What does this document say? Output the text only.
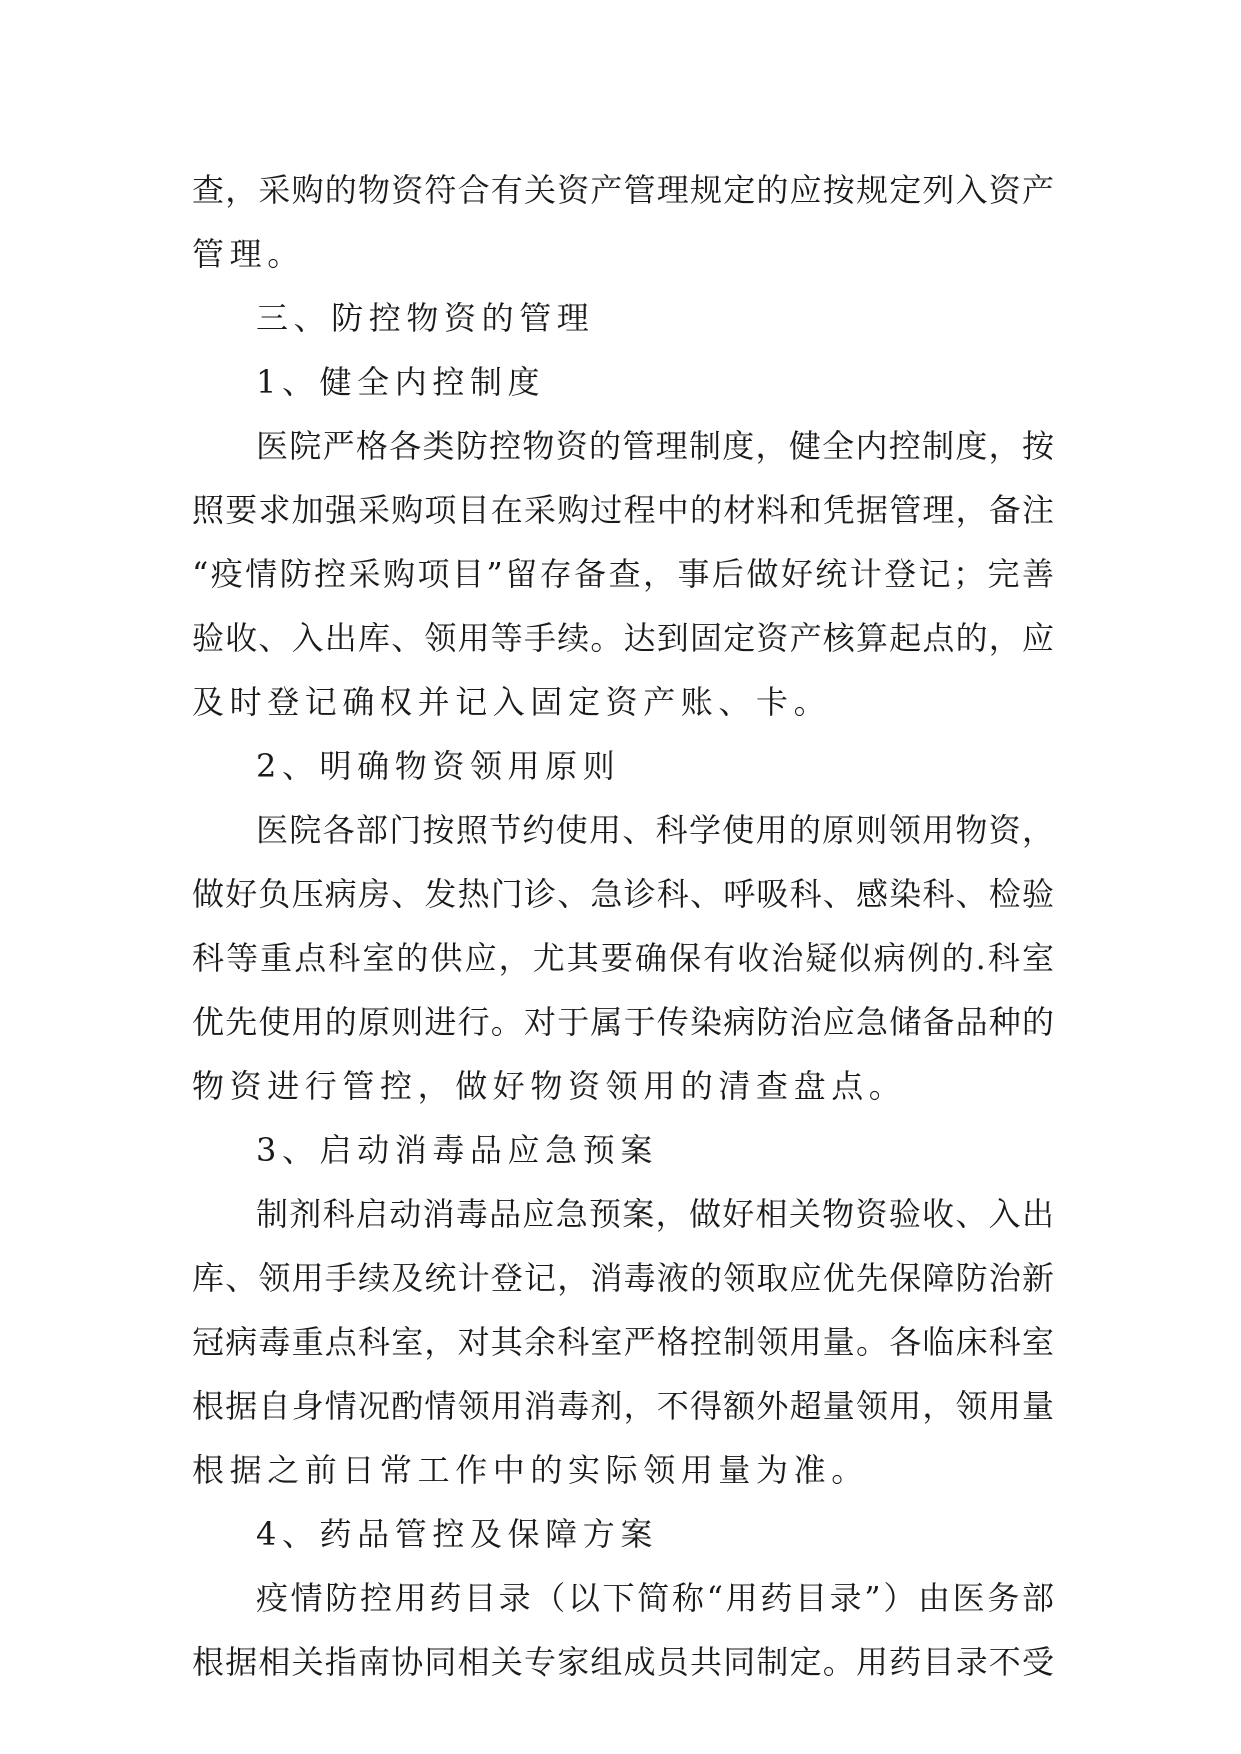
查，采购的物资符合有关资产管理规定的应按规定列入资产
管理。
三、防控物资的管理
1、健全内控制度
医院严格各类防控物资的管理制度，健全内控制度，按
照要求加强采购项目在采购过程中的材料和凭据管理，备注
“疫情防控采购项目”留存备查，事后做好统计登记；完善
验收、入出库、领用等手续。达到固定资产核算起点的，应
及时登记确权并记入固定资产账、卡。
2、明确物资领用原则
医院各部门按照节约使用、科学使用的原则领用物资，
做好负压病房、发热门诊、急诊科、呼吸科、感染科、检验
科等重点科室的供应，尤其要确保有收治疑似病例的.科室
优先使用的原则进行。对于属于传染病防治应急储备品种的
物资进行管控，做好物资领用的清查盘点。
3、启动消毒品应急预案
制剂科启动消毒品应急预案，做好相关物资验收、入出
库、领用手续及统计登记，消毒液的领取应优先保障防治新
冠病毒重点科室，对其余科室严格控制领用量。各临床科室
根据自身情况酌情领用消毒剂，不得额外超量领用，领用量
根据之前日常工作中的实际领用量为准。
4、药品管控及保障方案
疫情防控用药目录（以下简称“用药目录”）由医务部
根据相关指南协同相关专家组成员共同制定。用药目录不受
